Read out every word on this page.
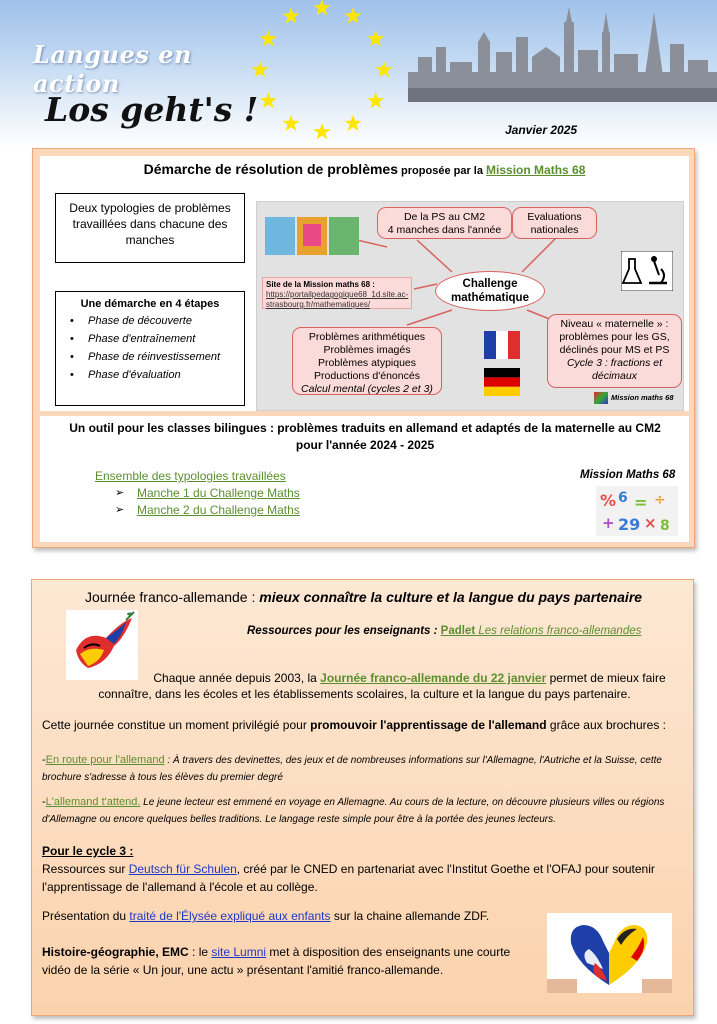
Langues en action
Los geht's !
Janvier 2025
Démarche de résolution de problèmes proposée par la Mission Maths 68
Deux typologies de problèmes travaillées dans chacune des manches
Une démarche en 4 étapes
•	Phase de découverte
•	Phase d'entraînement
•	Phase de réinvestissement
•	Phase d'évaluation
De la PS au CM2
4 manches dans l'année
Evaluations
nationales
Site de la Mission maths 68 :
https://portailpedagogique68_1d.site.ac-strasbourg.fr/mathematiques/
Challenge
mathématique
Problèmes arithmétiques
Problèmes imagés
Problèmes atypiques
Productions d'énoncés
Calcul mental (cycles 2 et 3)
Niveau « maternelle » : problèmes pour les GS, déclinés pour MS et PS
Cycle 3 : fractions et décimaux
Mission maths 68
Un outil pour les classes bilingues : problèmes traduits en allemand et adaptés de la maternelle au CM2 pour l'année 2024 - 2025
Ensemble des typologies travaillées
➢	Manche 1 du Challenge Maths
➢	Manche 2 du Challenge Maths
Mission Maths 68
% 6 = ÷
+ 29 × 8
Journée franco-allemande : mieux connaître la culture et la langue du pays partenaire
Ressources pour les enseignants : Padlet Les relations franco-allemandes
Chaque année depuis 2003, la Journée franco-allemande du 22 janvier permet de mieux faire
connaître, dans les écoles et les établissements scolaires, la culture et la langue du pays partenaire.
Cette journée constitue un moment privilégié pour promouvoir l'apprentissage de l'allemand grâce aux brochures :
-En route pour l'allemand : À travers des devinettes, des jeux et de nombreuses informations sur l'Allemagne, l'Autriche et la Suisse, cette brochure s'adresse à tous les élèves du premier degré
-L'allemand t'attend. Le jeune lecteur est emmené en voyage en Allemagne. Au cours de la lecture, on découvre plusieurs villes ou régions d'Allemagne ou encore quelques belles traditions. Le langage reste simple pour être à la portée des jeunes lecteurs.
Pour le cycle 3 :
Ressources sur Deutsch für Schulen, créé par le CNED en partenariat avec l'Institut Goethe et l'OFAJ pour soutenir l'apprentissage de l'allemand à l'école et au collège.
Présentation du traité de l'Élysée expliqué aux enfants sur la chaine allemande ZDF.
Histoire-géographie, EMC : le site Lumni met à disposition des enseignants une courte vidéo de la série « Un jour, une actu » présentant l'amitié franco-allemande.
